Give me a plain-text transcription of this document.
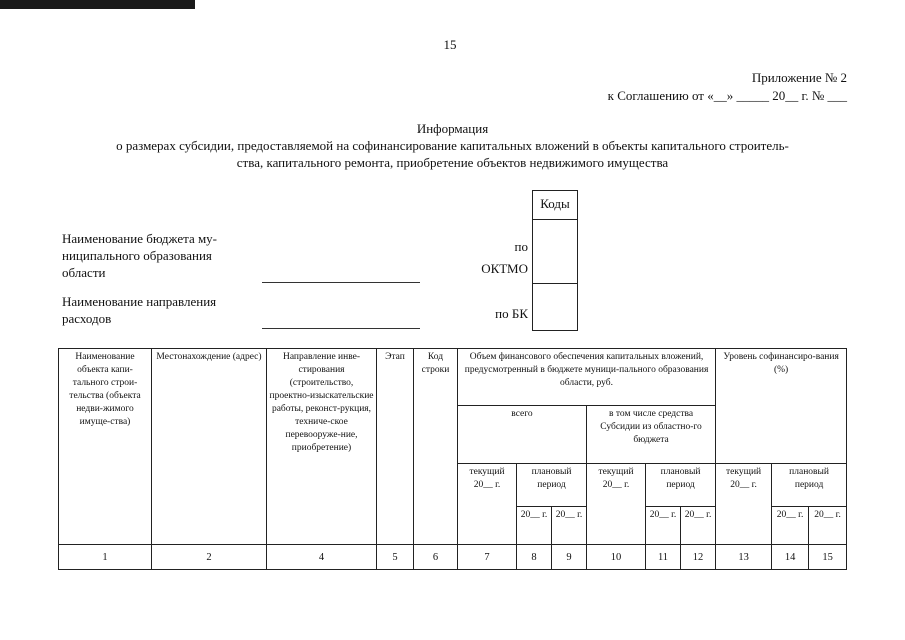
15
Приложение № 2
к Соглашению от «__» _____ 20__ г. № ___
Информация
о размерах субсидии, предоставляемой на софинансирование капитальных вложений в объекты капитального строитель-
ства, капитального ремонта, приобретение объектов недвижимого имущества
Наименование бюджета му-
ниципального образования
области
Наименование направления
расходов
по
ОКТМО
по БК
Коды
Наименование объекта капи-тального строи-тельства (объекта недви-жимого имуще-ства)	Местонахождение (адрес)	Направление инве-стирования (строительство, проектно-изыскательские работы, реконст-рукция, техниче-ское перевооруже-ние, приобретение)	Этап	Код строки	Объем финансового обеспечения капитальных вложений, предусмотренный в бюджете муници-пального образования области, руб.						Уровень софинансиро-вания (%)		
					всего			в том числе средства Субсидии из областно-го бюджета					
					текущий 20__ г.	плановый период		текущий 20__ г.	плановый период		текущий 20__ г.	плановый период	
						20__ г.	20__ г.		20__ г.	20__ г.		20__ г.	20__ г.
1	2	4	5	6	7	8	9	10	11	12	13	14	15
